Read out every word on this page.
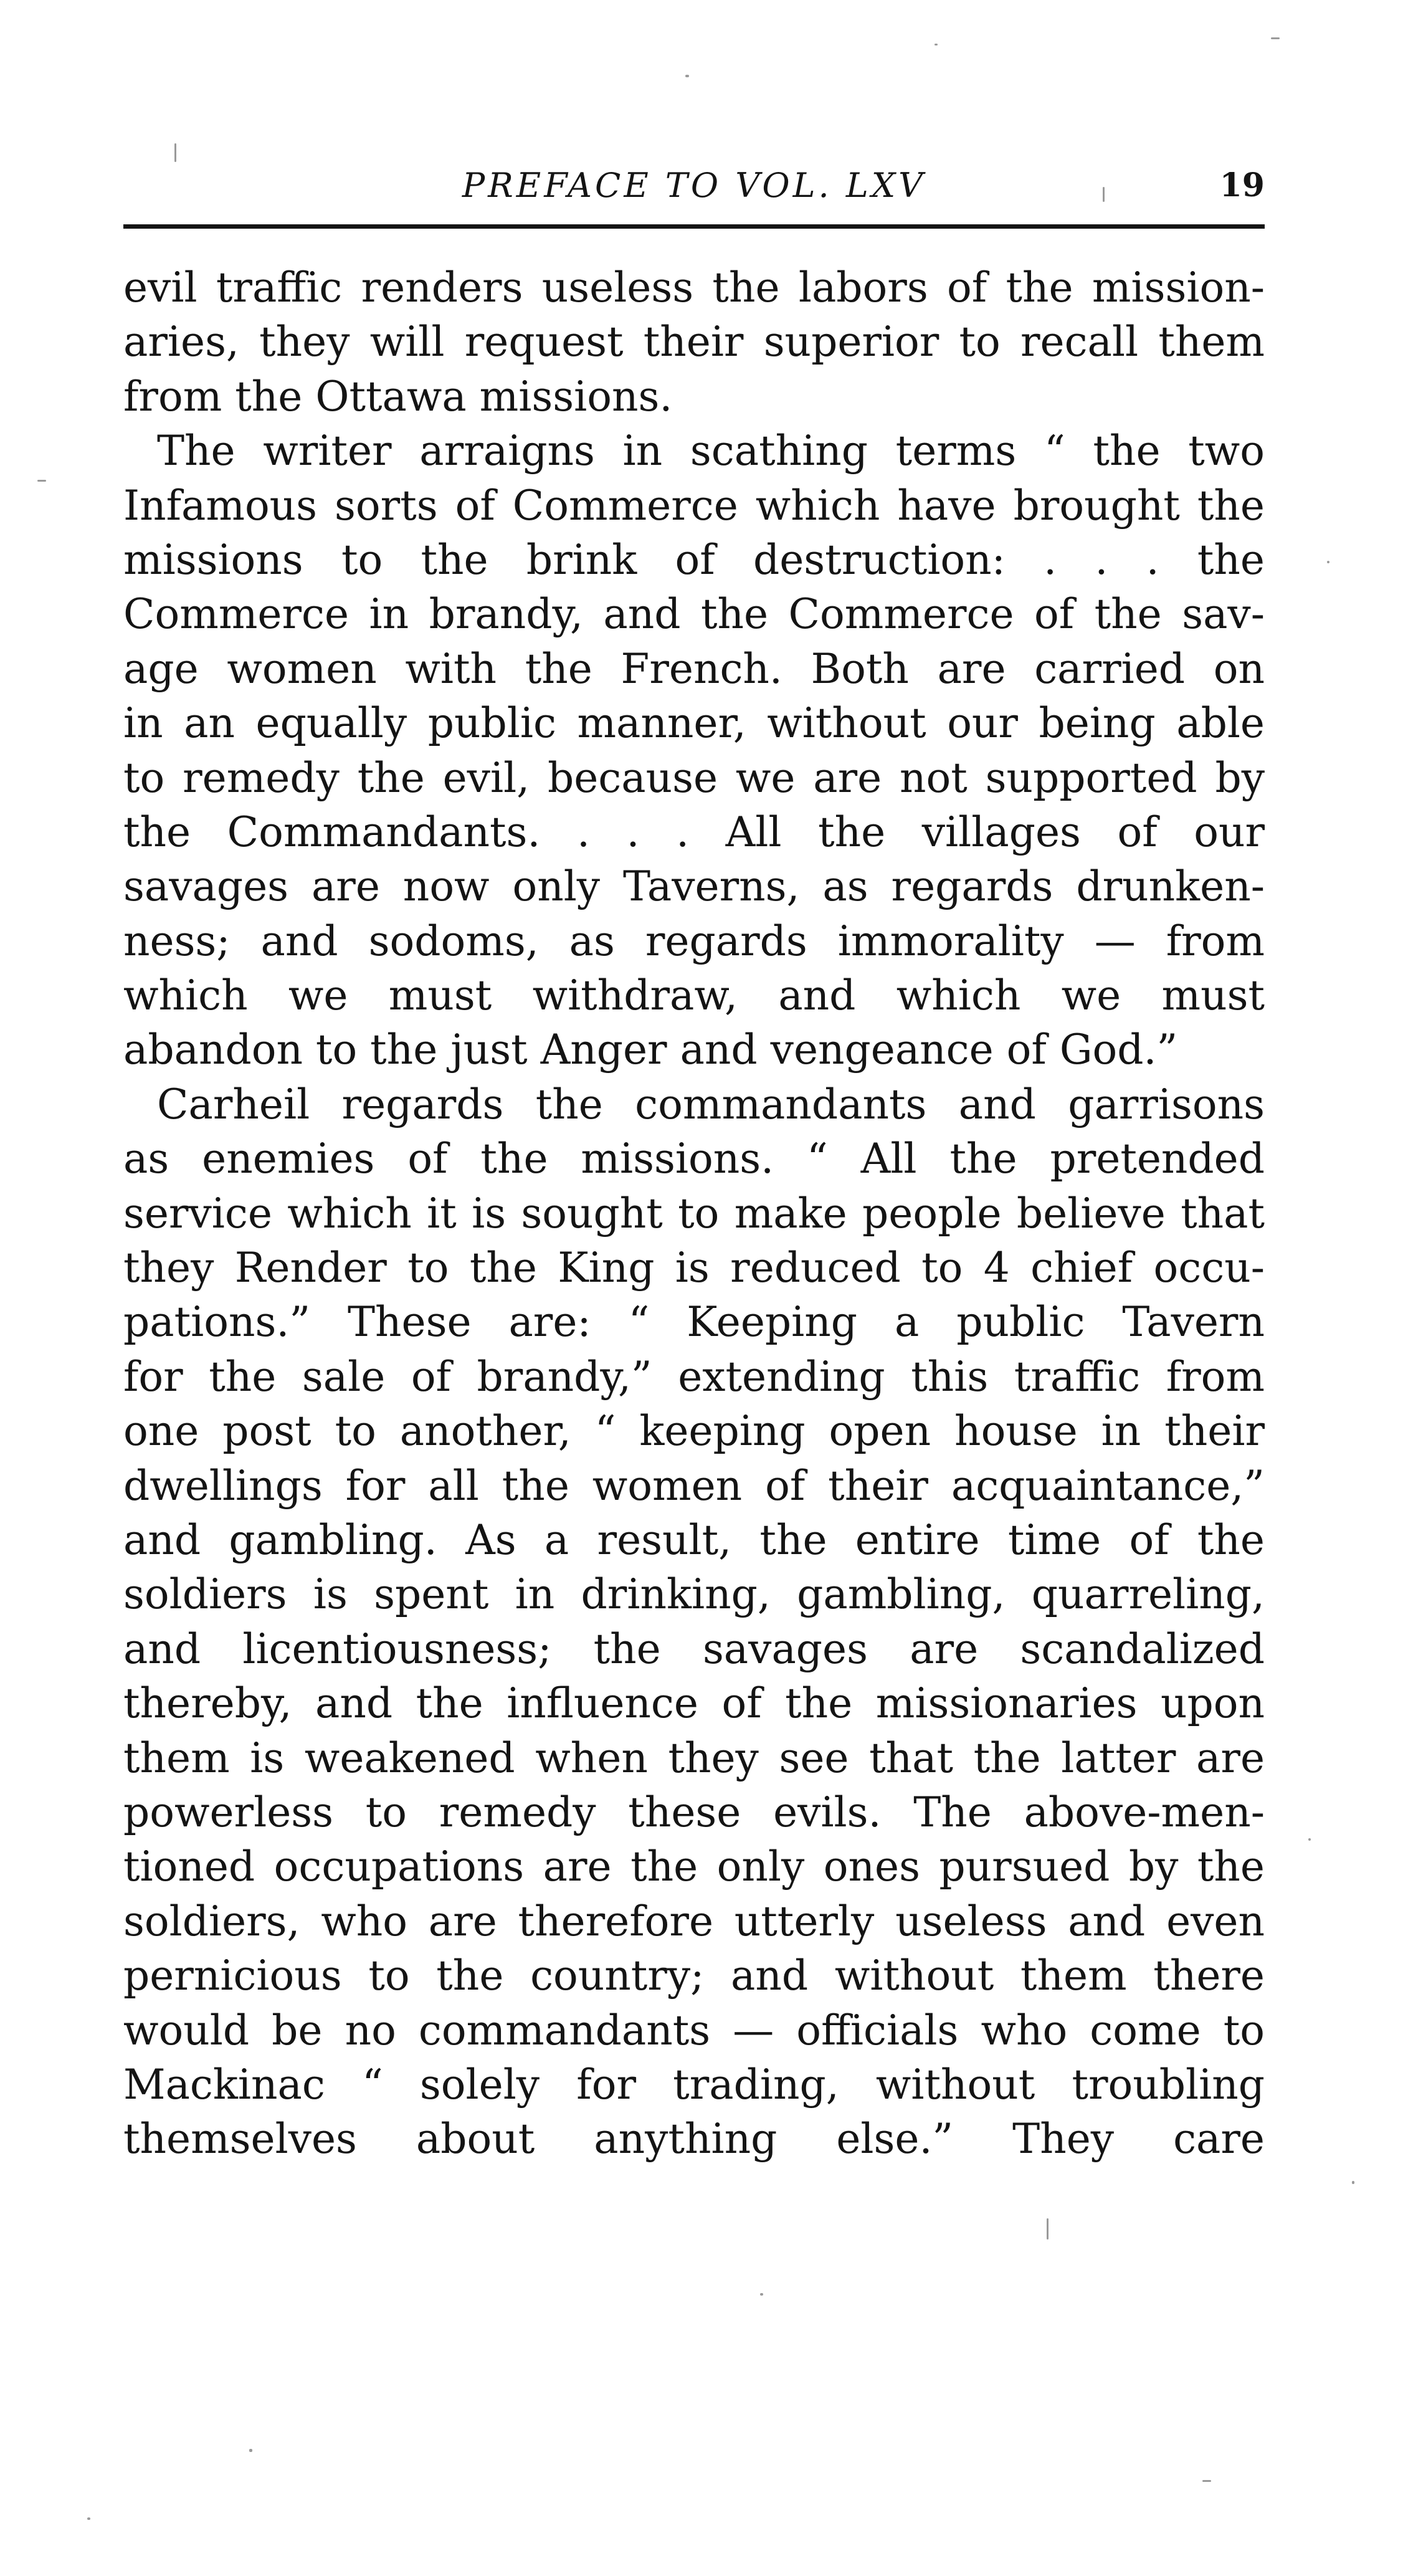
PREFACE TO VOL. LXV	19
evil traffic renders useless the labors of the mission-
aries, they will request their superior to recall them
from the Ottawa missions.
The writer arraigns in scathing terms “ the two
Infamous sorts of Commerce which have brought the
missions to the brink of destruction: . . . the
Commerce in brandy, and the Commerce of the sav-
age women with the French. Both are carried on
in an equally public manner, without our being able
to remedy the evil, because we are not supported by
the Commandants. . . . All the villages of our
savages are now only Taverns, as regards drunken-
ness; and sodoms, as regards immorality — from
which we must withdraw, and which we must
abandon to the just Anger and vengeance of God.”
Carheil regards the commandants and garrisons
as enemies of the missions. “ All the pretended
service which it is sought to make people believe that
they Render to the King is reduced to 4 chief occu-
pations.” These are: “ Keeping a public Tavern
for the sale of brandy,” extending this traffic from
one post to another, “ keeping open house in their
dwellings for all the women of their acquaintance,”
and gambling. As a result, the entire time of the
soldiers is spent in drinking, gambling, quarreling,
and licentiousness; the savages are scandalized
thereby, and the influence of the missionaries upon
them is weakened when they see that the latter are
powerless to remedy these evils. The above-men-
tioned occupations are the only ones pursued by the
soldiers, who are therefore utterly useless and even
pernicious to the country; and without them there
would be no commandants — officials who come to
Mackinac “ solely for trading, without troubling
themselves about anything else.” They care
